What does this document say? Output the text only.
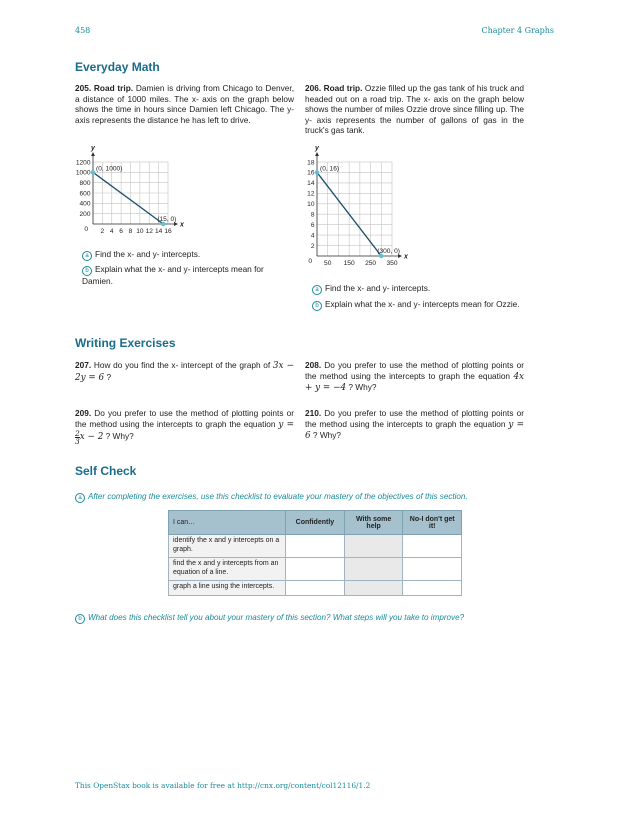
458	Chapter 4 Graphs
Everyday Math
205. Road trip. Damien is driving from Chicago to Denver, a distance of 1000 miles. The x- axis on the graph below shows the time in hours since Damien left Chicago. The y- axis represents the distance he has left to drive.
206. Road trip. Ozzie filled up the gas tank of his truck and headed out on a road trip. The x- axis on the graph below shows the number of miles Ozzie drove since filling up. The y- axis represents the number of gallons of gas in the truck's gas tank.
x
y
2 4 6 8 10 12 14 16
200
400
600
800
1000
1200
0
(0, 1000)
(15, 0)
a Find the x- and y- intercepts.
b Explain what the x- and y- intercepts mean for Damien.
x
y
50 150 250 350
2
4
6
8
10
12
14
16
18
0
(0, 16)
(300, 0)
a Find the x- and y- intercepts.
b Explain what the x- and y- intercepts mean for Ozzie.
Writing Exercises
207. How do you find the x- intercept of the graph of 3x − 2y = 6 ?
208. Do you prefer to use the method of plotting points or the method using the intercepts to graph the equation 4x + y = −4 ? Why?
209. Do you prefer to use the method of plotting points or the method using the intercepts to graph the equation y =
$\frac{2}{3}$ x − 2 ? Why?
210. Do you prefer to use the method of plotting points or the method using the intercepts to graph the equation y = 6 ? Why?
Self Check
a After completing the exercises, use this checklist to evaluate your mastery of the objectives of this section.
I can…	Confidently	With some help	No-I don't get it!
identify the x and y intercepts on a graph.			
find the x and y intercepts from an equation of a line.			
graph a line using the intercepts.			
b What does this checklist tell you about your mastery of this section? What steps will you take to improve?
This OpenStax book is available for free at http://cnx.org/content/col12116/1.2
